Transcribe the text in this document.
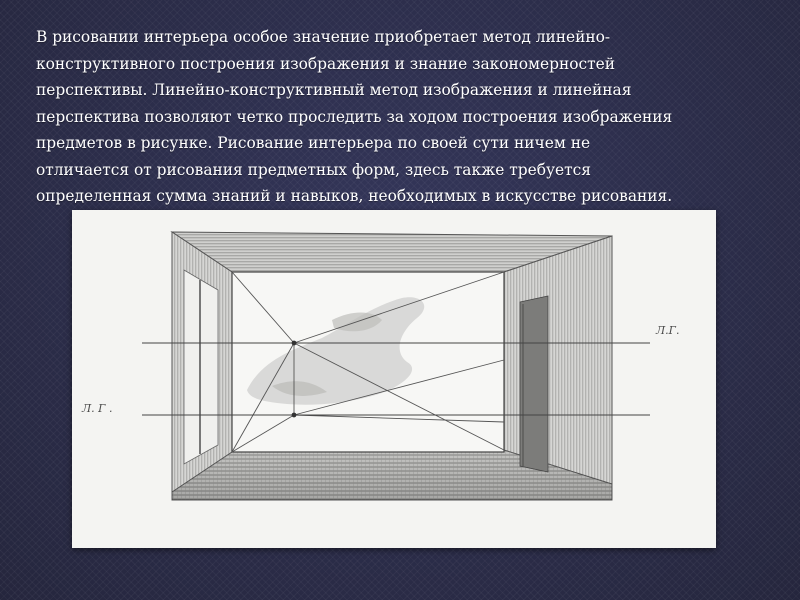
В рисовании интерьера особое значение приобретает метод линейно-
конструктивного построения изображения и знание закономерностей
перспективы. Линейно-конструктивный метод изображения и линейная
перспектива позволяют четко проследить за ходом построения изображения
предметов в рисунке. Рисование интерьера по своей сути ничем не
отличается от рисования предметных форм, здесь также требуется
определенная сумма знаний и навыков, необходимых в искусстве рисования.
Л.Г.
Л. Г .
